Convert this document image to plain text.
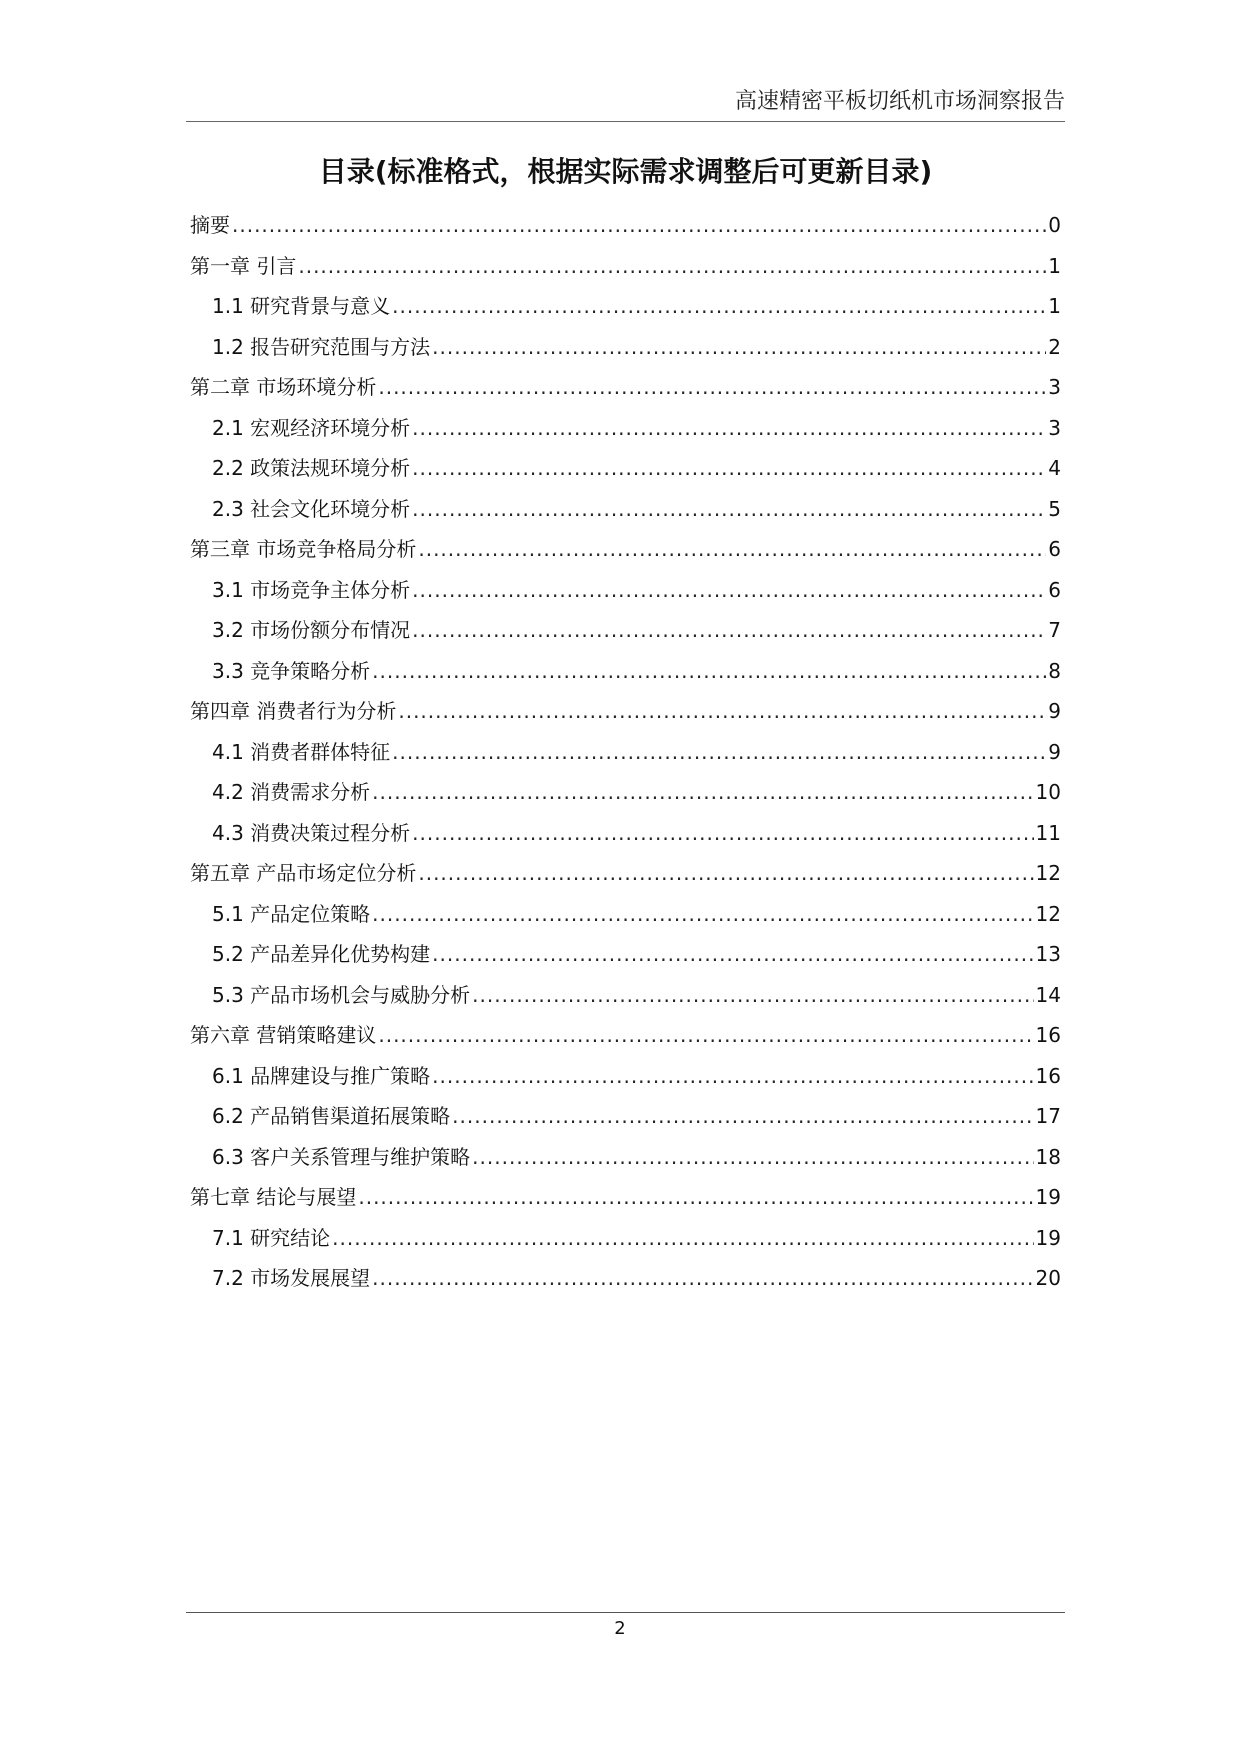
高速精密平板切纸机市场洞察报告
目录(标准格式，根据实际需求调整后可更新目录)
摘要 .....	0
第一章 引言 .....	1
1.1 研究背景与意义 .....	1
1.2 报告研究范围与方法 .....	2
第二章 市场环境分析 .....	3
2.1 宏观经济环境分析 .....	3
2.2 政策法规环境分析 .....	4
2.3 社会文化环境分析 .....	5
第三章 市场竞争格局分析 .....	6
3.1 市场竞争主体分析 .....	6
3.2 市场份额分布情况 .....	7
3.3 竞争策略分析 .....	8
第四章 消费者行为分析 .....	9
4.1 消费者群体特征 .....	9
4.2 消费需求分析 .....	10
4.3 消费决策过程分析 .....	11
第五章 产品市场定位分析 .....	12
5.1 产品定位策略 .....	12
5.2 产品差异化优势构建 .....	13
5.3 产品市场机会与威胁分析 .....	14
第六章 营销策略建议 .....	16
6.1 品牌建设与推广策略 .....	16
6.2 产品销售渠道拓展策略 .....	17
6.3 客户关系管理与维护策略 .....	18
第七章 结论与展望 .....	19
7.1 研究结论 .....	19
7.2 市场发展展望 .....	20
2
